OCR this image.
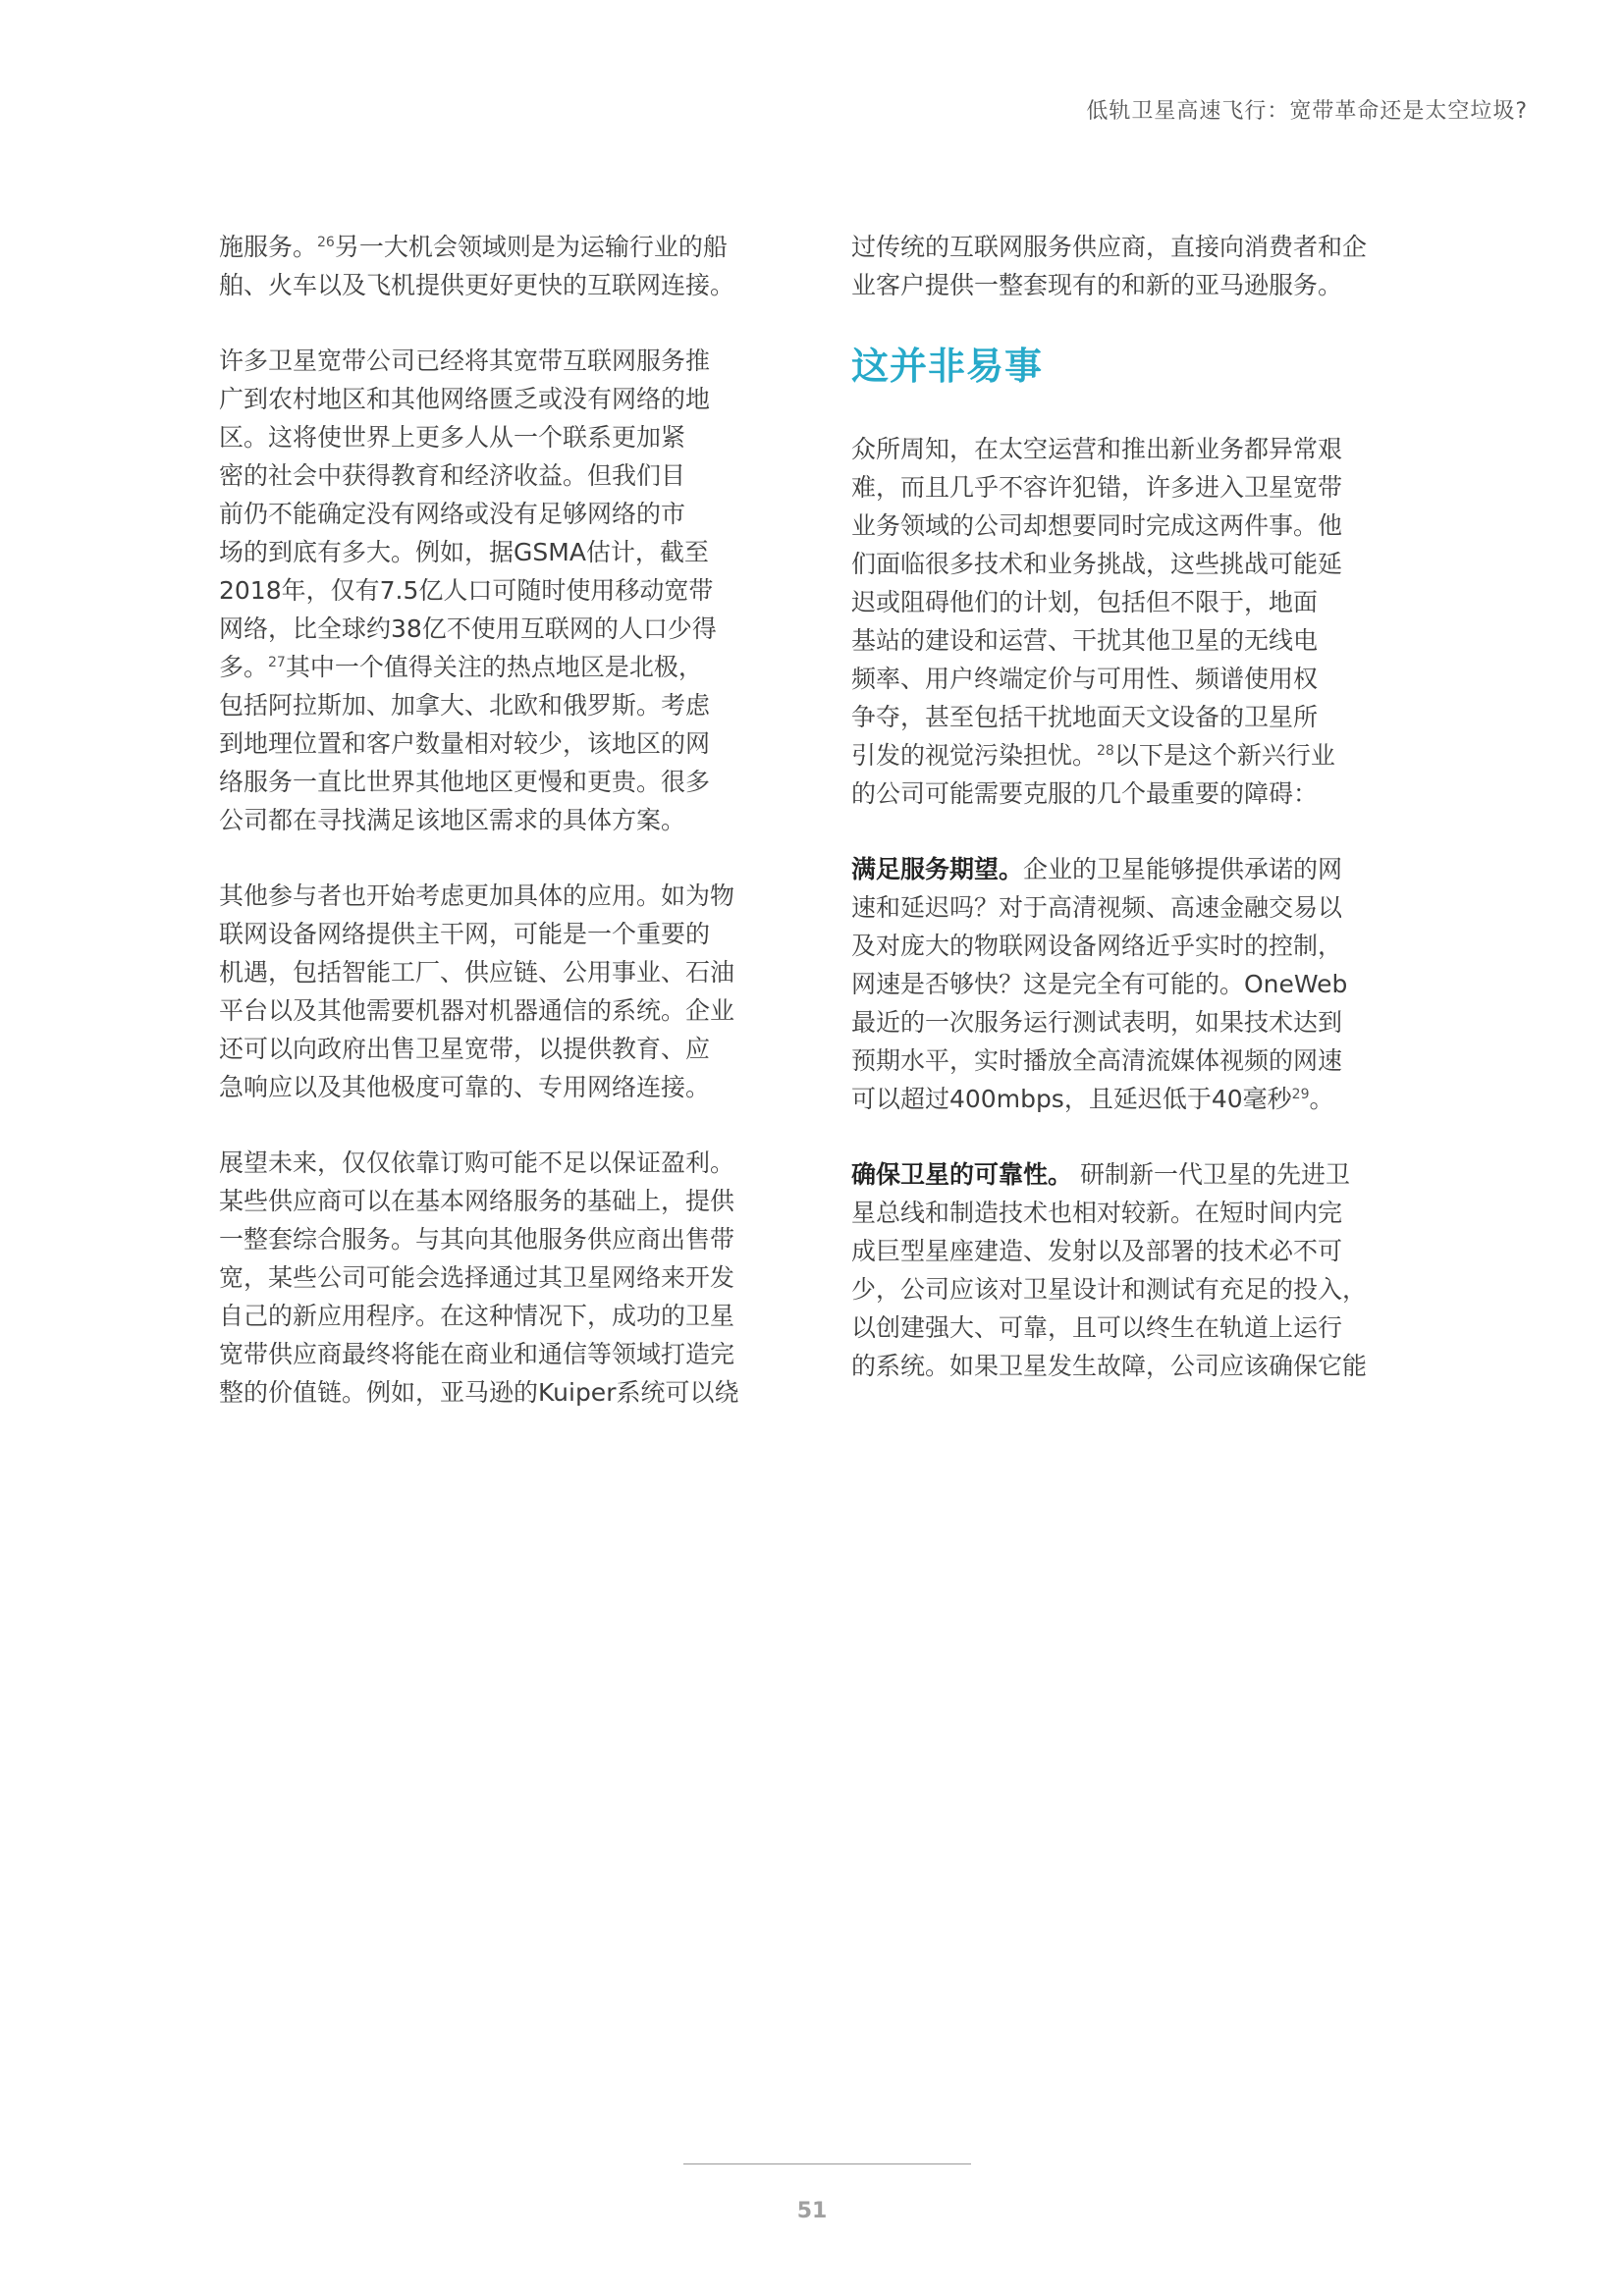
低轨卫星高速飞行：宽带革命还是太空垃圾?

施服务。$^{26}$另一大机会领域则是为运输行业的船
舶、火车以及飞机提供更好更快的互联网连接。

许多卫星宽带公司已经将其宽带互联网服务推
广到农村地区和其他网络匮乏或没有网络的地
区。这将使世界上更多人从一个联系更加紧
密的社会中获得教育和经济收益。但我们目
前仍不能确定没有网络或没有足够网络的市
场的到底有多大。例如，据GSMA估计，截至
2018年，仅有7.5亿人口可随时使用移动宽带
网络，比全球约38亿不使用互联网的人口少得
多。$^{27}$其中一个值得关注的热点地区是北极，
包括阿拉斯加、加拿大、北欧和俄罗斯。考虑
到地理位置和客户数量相对较少，该地区的网
络服务一直比世界其他地区更慢和更贵。很多
公司都在寻找满足该地区需求的具体方案。

其他参与者也开始考虑更加具体的应用。如为物
联网设备网络提供主干网，可能是一个重要的
机遇，包括智能工厂、供应链、公用事业、石油
平台以及其他需要机器对机器通信的系统。企业
还可以向政府出售卫星宽带，以提供教育、应
急响应以及其他极度可靠的、专用网络连接。

展望未来，仅仅依靠订购可能不足以保证盈利。
某些供应商可以在基本网络服务的基础上，提供
一整套综合服务。与其向其他服务供应商出售带
宽，某些公司可能会选择通过其卫星网络来开发
自己的新应用程序。在这种情况下，成功的卫星
宽带供应商最终将能在商业和通信等领域打造完
整的价值链。例如，亚马逊的Kuiper系统可以绕

过传统的互联网服务供应商，直接向消费者和企
业客户提供一整套现有的和新的亚马逊服务。

这并非易事

众所周知，在太空运营和推出新业务都异常艰
难，而且几乎不容许犯错，许多进入卫星宽带
业务领域的公司却想要同时完成这两件事。他
们面临很多技术和业务挑战，这些挑战可能延
迟或阻碍他们的计划，包括但不限于，地面
基站的建设和运营、干扰其他卫星的无线电
频率、用户终端定价与可用性、频谱使用权
争夺，甚至包括干扰地面天文设备的卫星所
引发的视觉污染担忧。$^{28}$以下是这个新兴行业
的公司可能需要克服的几个最重要的障碍：

满足服务期望。企业的卫星能够提供承诺的网
速和延迟吗？对于高清视频、高速金融交易以
及对庞大的物联网设备网络近乎实时的控制，
网速是否够快？这是完全有可能的。OneWeb
最近的一次服务运行测试表明，如果技术达到
预期水平，实时播放全高清流媒体视频的网速
可以超过400mbps，且延迟低于40毫秒$^{29}$。

确保卫星的可靠性。 研制新一代卫星的先进卫
星总线和制造技术也相对较新。在短时间内完
成巨型星座建造、发射以及部署的技术必不可
少，公司应该对卫星设计和测试有充足的投入，
以创建强大、可靠，且可以终生在轨道上运行
的系统。如果卫星发生故障，公司应该确保它能

51
